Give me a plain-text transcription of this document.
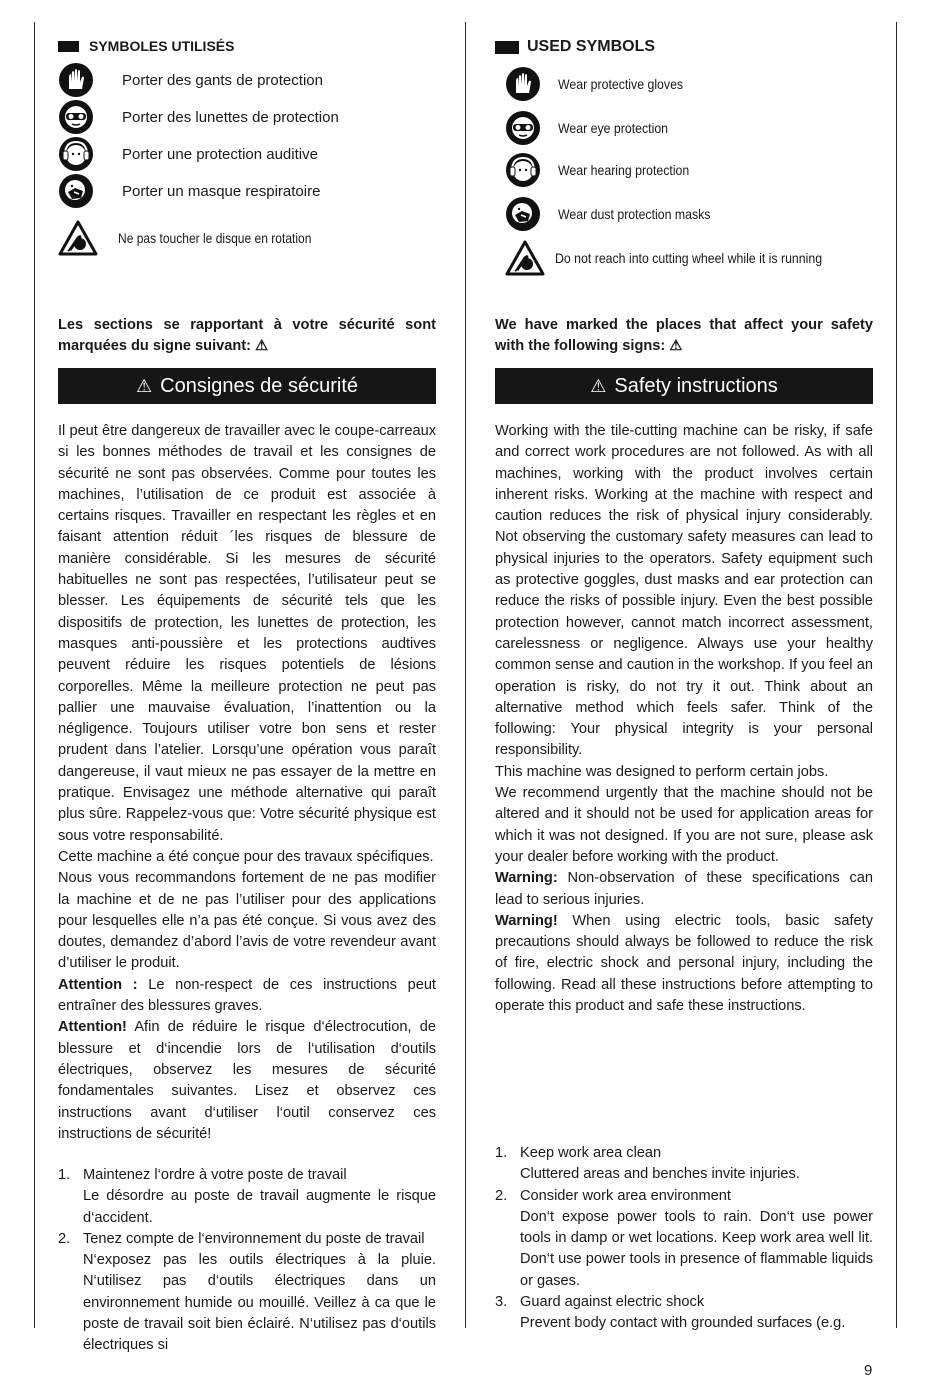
SYMBOLES UTILISÉS
Porter des gants de protection
Porter des lunettes de protection
Porter une protection auditive
Porter un masque respiratoire
Ne pas toucher le disque en rotation
Les sections se rapportant à votre sécurité sont marquées du signe suivant: ⚠
⚠ Consignes de sécurité

Il peut être dangereux de travailler avec le coupe-carreaux si les bonnes méthodes de travail et les consignes de sécurité ne sont pas observées. Comme pour toutes les machines, l’utilisation de ce produit est associée à certains risques. Travailler en respectant les règles et en faisant attention réduit ´les risques de blessure de manière considérable. Si les mesures de sécurité habituelles ne sont pas respectées, l’utilisateur peut se blesser. Les équipements de sécurité tels que les dispositifs de protection, les lunettes de protection, les masques anti-poussière et les protections audtives peuvent réduire les risques potentiels de lésions corporelles. Même la meilleure protection ne peut pas pallier une mauvaise évaluation, l’inattention ou la négligence. Toujours utiliser votre bon sens et rester prudent dans l’atelier. Lorsqu’une opération vous paraît dangereuse, il vaut mieux ne pas essayer de la mettre en pratique. Envisagez une méthode alternative qui paraît plus sûre. Rappelez-vous que: Votre sécurité physique est sous votre responsabilité.

Cette machine a été conçue pour des travaux spécifiques.

Nous vous recommandons fortement de ne pas modifier la machine et de ne pas l’utiliser pour des applications pour lesquelles elle n’a pas été conçue. Si vous avez des doutes, demandez d’abord l’avis de votre revendeur avant d’utiliser le produit.

Attention : Le non-respect de ces instructions peut entraîner des blessures graves.

Attention! Afin de réduire le risque d‘électrocution, de blessure et d‘incendie lors de l‘utilisation d‘outils électriques, observez les mesures de sécurité fondamentales suivantes. Lisez et observez ces instructions avant d‘utiliser l‘outil conservez ces instructions de sécurité!

1. Maintenez l‘ordre à votre poste de travail
Le désordre au poste de travail augmente le risque d‘accident.
2. Tenez compte de l‘environnement du poste de travail
N‘exposez pas les outils électriques à la pluie. N‘utilisez pas d‘outils électriques dans un environnement humide ou mouillé. Veillez à ca que le poste de travail soit bien éclairé. N‘utilisez pas d‘outils électriques si
USED SYMBOLS
Wear protective gloves
Wear eye protection
Wear hearing protection
Wear dust protection masks
Do not reach into cutting wheel while it is running
We have marked the places that affect your safety with the following signs: ⚠
⚠ Safety instructions

Working with the tile-cutting machine can be risky, if safe and correct work procedures are not followed. As with all machines, working with the product involves certain inherent risks. Working at the machine with respect and caution reduces the risk of physical injury considerably. Not observing the customary safety measures can lead to physical injuries to the operators. Safety equipment such as protective goggles, dust masks and ear protection can reduce the risks of possible injury. Even the best possible protection however, cannot match incorrect assessment, carelessness or negligence. Always use your healthy common sense and caution in the workshop. If you feel an operation is risky, do not try it out. Think about an alternative method which feels safer. Think of the following: Your physical integrity is your personal responsibility.

This machine was designed to perform certain jobs.

We recommend urgently that the machine should not be altered and it should not be used for application areas for which it was not designed. If you are not sure, please ask your dealer before working with the product.

Warning: Non-observation of these specifications can lead to serious injuries.

Warning! When using electric tools, basic safety precautions should always be followed to reduce the risk of fire, electric shock and personal injury, including the following. Read all these instructions before attempting to operate this product and safe these instructions.

1. Keep work area clean
Cluttered areas and benches invite injuries.
2. Consider work area environment
Don‘t expose power tools to rain. Don‘t use power tools in damp or wet locations. Keep work area well lit. Don‘t use power tools in presence of flammable liquids or gases.
3. Guard against electric shock
Prevent body contact with grounded surfaces (e.g.
9
